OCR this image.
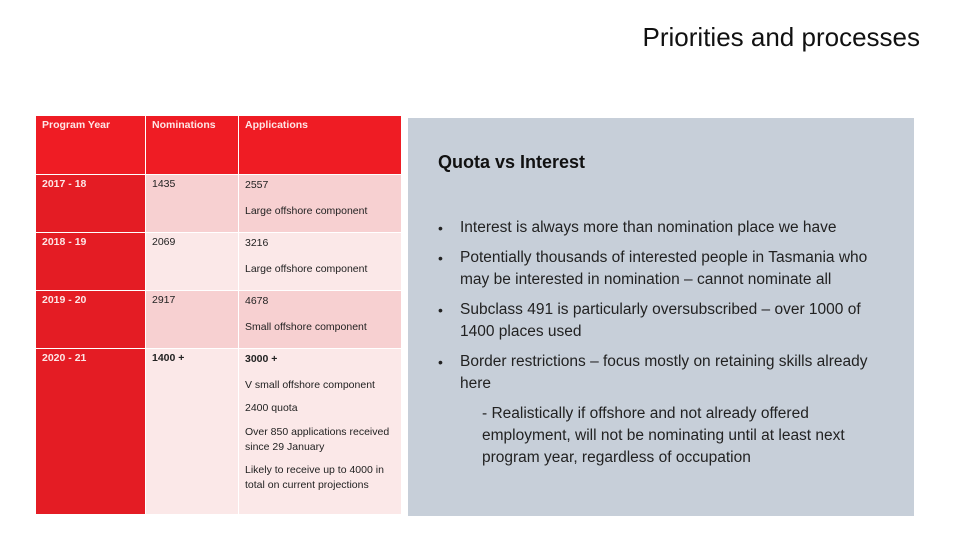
Priorities and processes
Program Year	Nominations	Applications
2017 - 18	1435	2557
Large offshore component

2018 - 19	2069	3216
Large offshore component

2019 - 20	2917	4678
Small offshore component

2020 - 21	1400 +	3000 +
V small offshore component
2400 quota
Over 850 applications received since 29 January
Likely to receive up to 4000 in total on current projections
Quota vs Interest
• Interest is always more than nomination place we have
• Potentially thousands of interested people in Tasmania who may be interested in nomination – cannot nominate all
• Subclass 491 is particularly oversubscribed – over 1000 of 1400 places used
• Border restrictions – focus mostly on retaining skills already here
- Realistically if offshore and not already offered employment, will not be nominating until at least next program year, regardless of occupation
